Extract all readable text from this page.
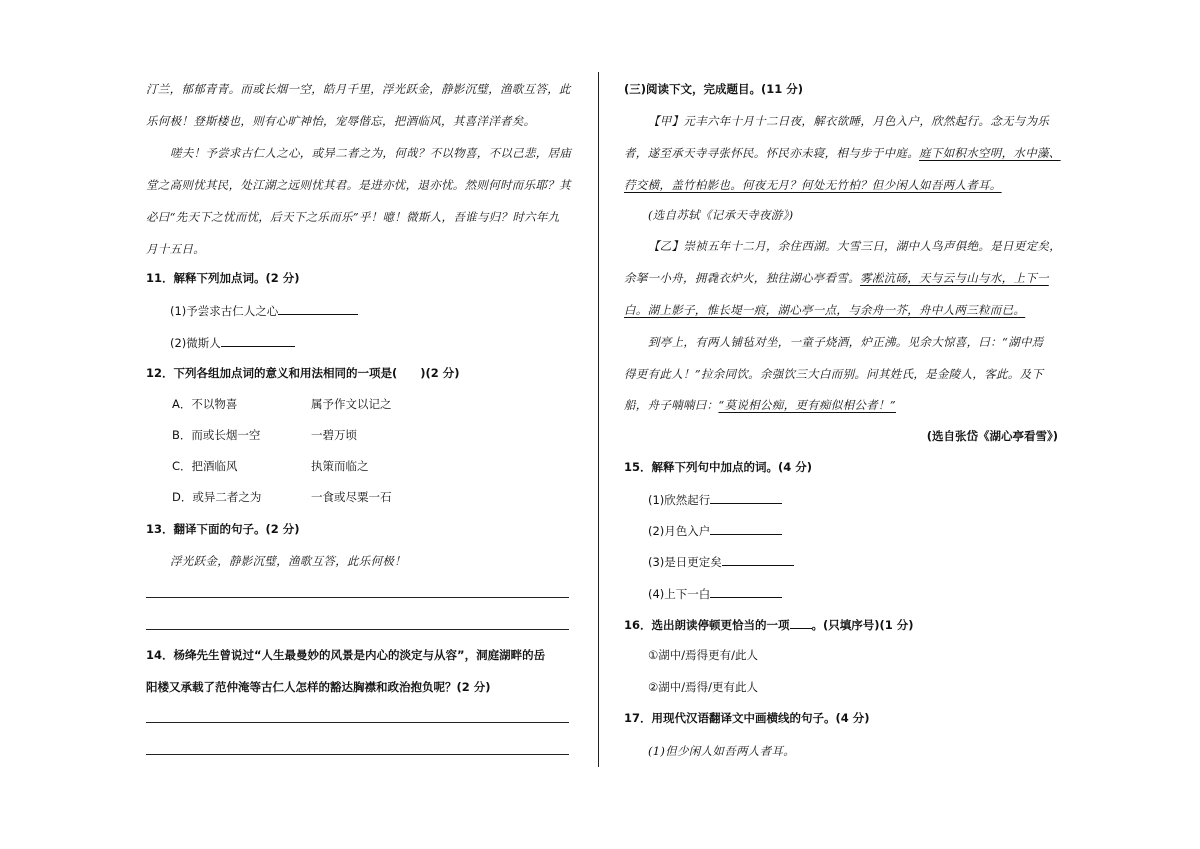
汀兰，郁郁青青。而或长烟一空，皓月千里，浮光跃金，静影沉璧，渔歌互答，此
乐何极！登斯楼也，则有心旷神怡，宠辱偕忘，把酒临风，其喜洋洋者矣。
嗟夫！予尝求古仁人之心，或异二者之为，何哉？不以物喜，不以己悲，居庙
堂之高则忧其民，处江湖之远则忧其君。是进亦忧，退亦忧。然则何时而乐耶？其
必曰“先天下之忧而忧，后天下之乐而乐”乎！噫！微斯人，吾谁与归？时六年九
月十五日。
11．解释下列加点词。(2 分)
(1)予尝求古仁人之心
(2)微斯人
12．下列各组加点词的意义和用法相同的一项是(　　)(2 分)
A．不以物喜	属予作文以记之
B．而或长烟一空	一碧万顷
C．把酒临风	执策而临之
D．或异二者之为	一食或尽粟一石
13．翻译下面的句子。(2 分)
浮光跃金，静影沉璧，渔歌互答，此乐何极！
14．杨绛先生曾说过“人生最曼妙的风景是内心的淡定与从容”，洞庭湖畔的岳
阳楼又承载了范仲淹等古仁人怎样的豁达胸襟和政治抱负呢？(2 分)
(三)阅读下文，完成题目。(11 分)
【甲】元丰六年十月十二日夜，解衣欲睡，月色入户，欣然起行。念无与为乐
者，遂至承天寺寻张怀民。怀民亦未寝，相与步于中庭。庭下如积水空明，水中藻、
荇交横，盖竹柏影也。何夜无月？何处无竹柏？但少闲人如吾两人者耳。
(选自苏轼《记承天寺夜游》)
【乙】崇祯五年十二月，余住西湖。大雪三日，湖中人鸟声俱绝。是日更定矣，
余拏一小舟，拥毳衣炉火，独往湖心亭看雪。雾凇沆砀，天与云与山与水，上下一
白。湖上影子，惟长堤一痕，湖心亭一点，与余舟一芥，舟中人两三粒而已。
到亭上，有两人铺毡对坐，一童子烧酒，炉正沸。见余大惊喜，曰：“湖中焉
得更有此人！”拉余同饮。余强饮三大白而别。问其姓氏，是金陵人，客此。及下
船，舟子喃喃曰：“莫说相公痴，更有痴似相公者！”
(选自张岱《湖心亭看雪》)
15．解释下列句中加点的词。(4 分)
(1)欣然起行
(2)月色入户
(3)是日更定矣
(4)上下一白
16．选出朗读停顿更恰当的一项 。(只填序号)(1 分)
①湖中/焉得更有/此人
②湖中/焉得/更有此人
17．用现代汉语翻译文中画横线的句子。(4 分)
(1)但少闲人如吾两人者耳。
